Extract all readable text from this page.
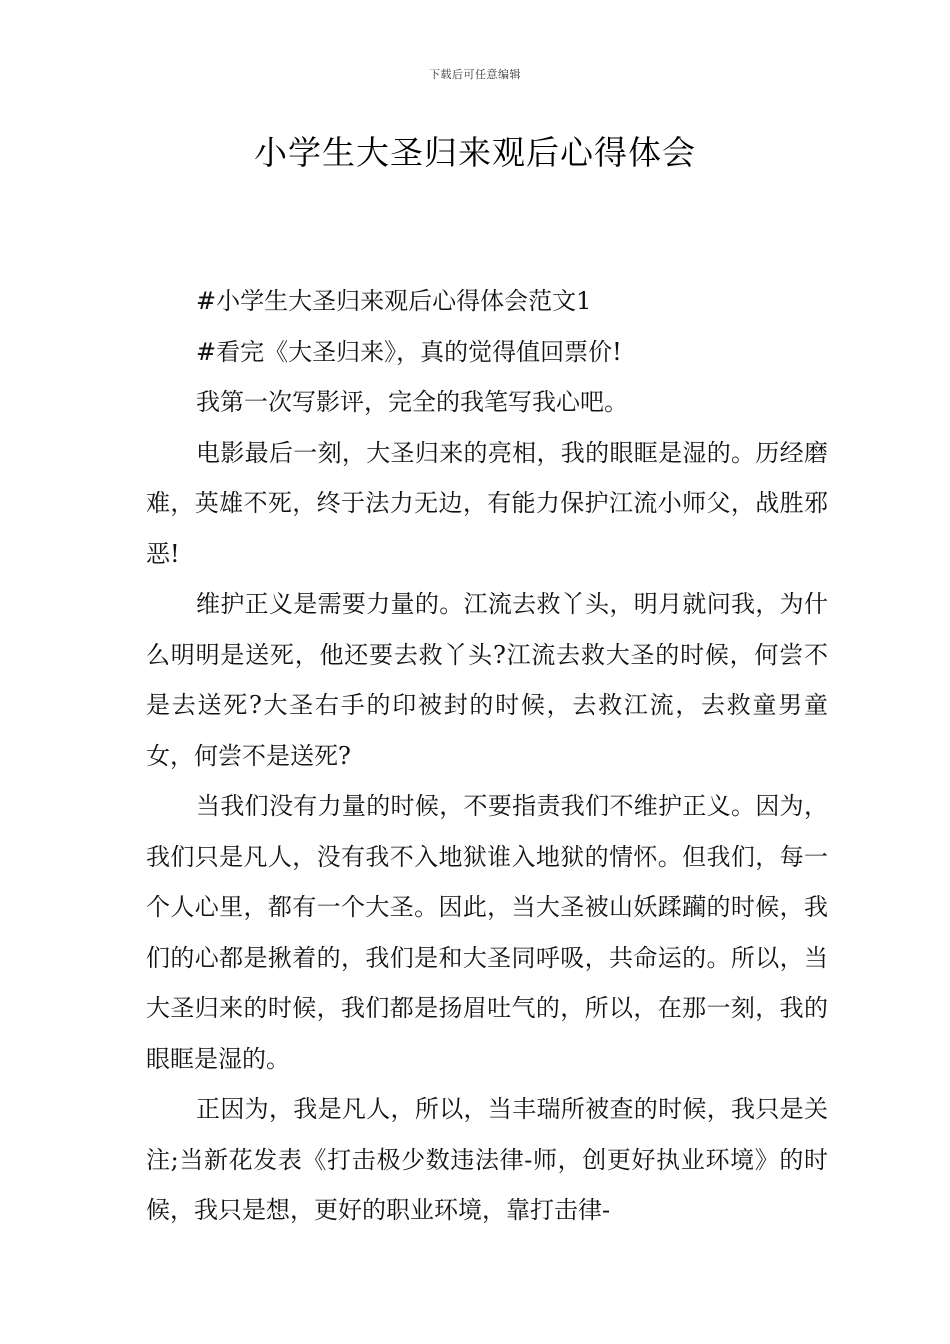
下载后可任意编辑
小学生大圣归来观后心得体会

#小学生大圣归来观后心得体会范文1

#看完《大圣归来》，真的觉得值回票价!

我第一次写影评，完全的我笔写我心吧。

电影最后一刻，大圣归来的亮相，我的眼眶是湿的。历经磨难，英雄不死，终于法力无边，有能力保护江流小师父，战胜邪恶!

维护正义是需要力量的。江流去救丫头，明月就问我，为什么明明是送死，他还要去救丫头?江流去救大圣的时候，何尝不是去送死?大圣右手的印被封的时候，去救江流，去救童男童女，何尝不是送死?

当我们没有力量的时候，不要指责我们不维护正义。因为，我们只是凡人，没有我不入地狱谁入地狱的情怀。但我们，每一个人心里，都有一个大圣。因此，当大圣被山妖蹂躏的时候，我们的心都是揪着的，我们是和大圣同呼吸，共命运的。所以，当大圣归来的时候，我们都是扬眉吐气的，所以，在那一刻，我的眼眶是湿的。

正因为，我是凡人，所以，当丰瑞所被查的时候，我只是关注;当新花发表《打击极少数违法律-师，创更好执业环境》的时候，我只是想，更好的职业环境，靠打击律-
